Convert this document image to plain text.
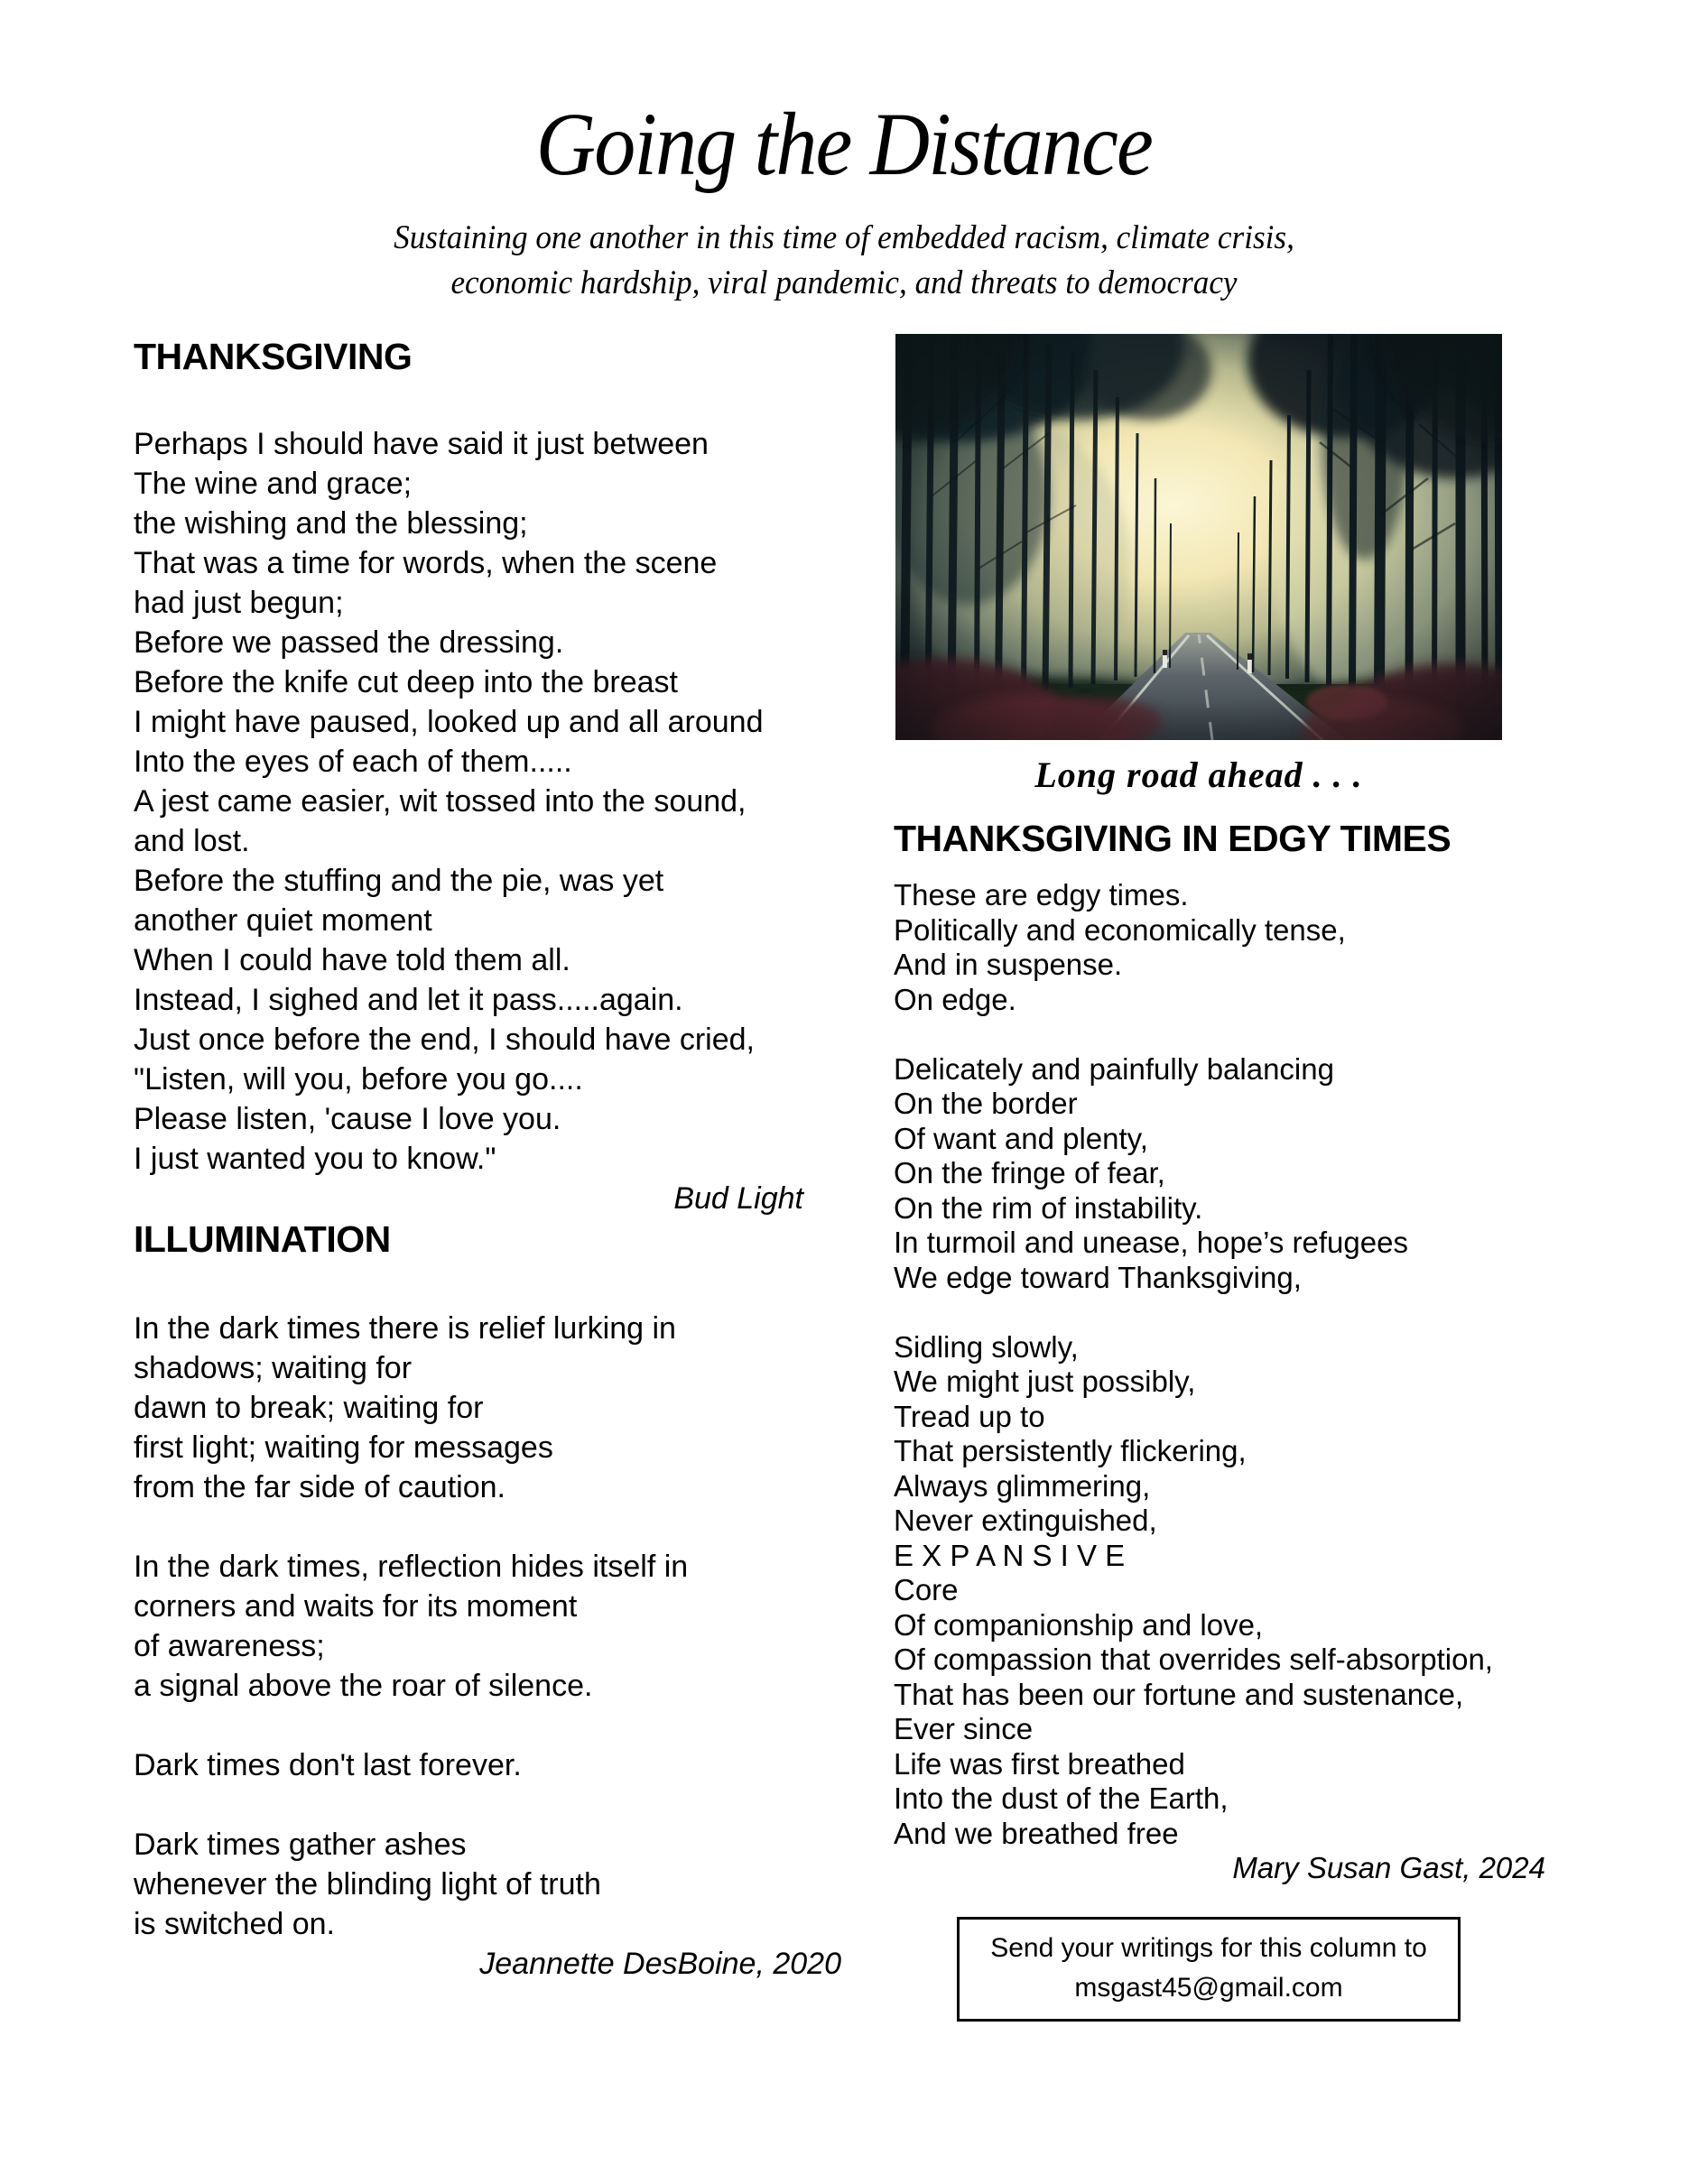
Going the Distance
Sustaining one another in this time of embedded racism, climate crisis,
economic hardship, viral pandemic, and threats to democracy
THANKSGIVING
Perhaps I should have said it just between
The wine and grace;
the wishing and the blessing;
That was a time for words, when the scene
had just begun;
Before we passed the dressing.
Before the knife cut deep into the breast
I might have paused, looked up and all around
Into the eyes of each of them.....
A jest came easier, wit tossed into the sound,
and lost.
Before the stuffing and the pie, was yet
another quiet moment
When I could have told them all.
Instead, I sighed and let it pass.....again.
Just once before the end, I should have cried,
"Listen, will you, before you go....
Please listen, 'cause I love you.
I just wanted you to know."
Bud Light
ILLUMINATION
In the dark times there is relief lurking in
shadows; waiting for
dawn to break; waiting for
first light; waiting for messages
from the far side of caution.

In the dark times, reflection hides itself in
corners and waits for its moment
of awareness;
a signal above the roar of silence.

Dark times don't last forever.

Dark times gather ashes
whenever the blinding light of truth
is switched on.
Jeannette DesBoine, 2020
Long road ahead . . .
THANKSGIVING IN EDGY TIMES
These are edgy times.
Politically and economically tense,
And in suspense.
On edge.

Delicately and painfully balancing
On the border
Of want and plenty,
On the fringe of fear,
On the rim of instability.
In turmoil and unease, hope’s refugees
We edge toward Thanksgiving,

Sidling slowly,
We might just possibly,
Tread up to
That persistently flickering,
Always glimmering,
Never extinguished,
E X P A N S I V E
Core
Of companionship and love,
Of compassion that overrides self-absorption,
That has been our fortune and sustenance,
Ever since
Life was first breathed
Into the dust of the Earth,
And we breathed free
Mary Susan Gast, 2024
Send your writings for this column to
msgast45@gmail.com
